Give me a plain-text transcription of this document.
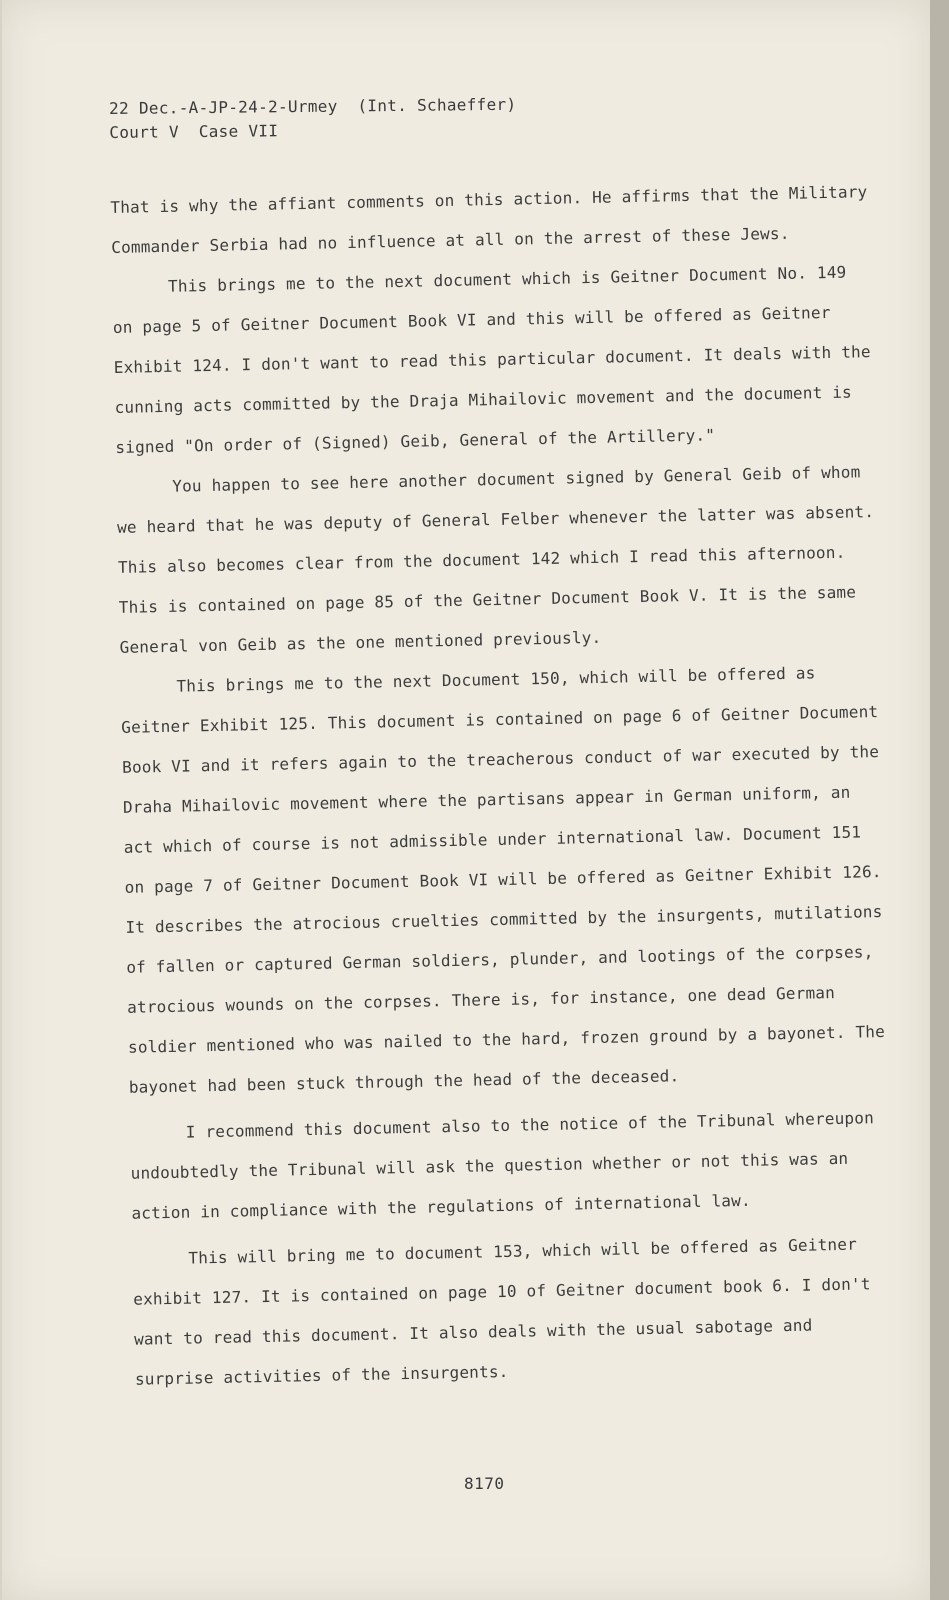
22 Dec.-A-JP-24-2-Urmey  (Int. Schaeffer)
Court V  Case VII

That is why the affiant comments on this action. He affirms that the Military Commander Serbia had no influence at all on the arrest of these Jews.

This brings me to the next document which is Geitner Document No. 149 on page 5 of Geitner Document Book VI and this will be offered as Geitner Exhibit 124. I don't want to read this particular document. It deals with the cunning acts committed by the Draja Mihailovic movement and the document is signed "On order of (Signed) Geib, General of the Artillery."

You happen to see here another document signed by General Geib of whom we heard that he was deputy of General Felber whenever the latter was absent. This also becomes clear from the document 142 which I read this afternoon. This is contained on page 85 of the Geitner Document Book V. It is the same General von Geib as the one mentioned previously.

This brings me to the next Document 150, which will be offered as Geitner Exhibit 125. This document is contained on page 6 of Geitner Document Book VI and it refers again to the treacherous conduct of war executed by the Draha Mihailovic movement where the partisans appear in German uniform, an act which of course is not admissible under international law. Document 151 on page 7 of Geitner Document Book VI will be offered as Geitner Exhibit 126. It describes the atrocious cruelties committed by the insurgents, mutilations of fallen or captured German soldiers, plunder, and lootings of the corpses, atrocious wounds on the corpses. There is, for instance, one dead German soldier mentioned who was nailed to the hard, frozen ground by a bayonet. The bayonet had been stuck through the head of the deceased.

I recommend this document also to the notice of the Tribunal whereupon undoubtedly the Tribunal will ask the question whether or not this was an action in compliance with the regulations of international law.

This will bring me to document 153, which will be offered as Geitner exhibit 127. It is contained on page 10 of Geitner document book 6. I don't want to read this document. It also deals with the usual sabotage and surprise activities of the insurgents.

8170
